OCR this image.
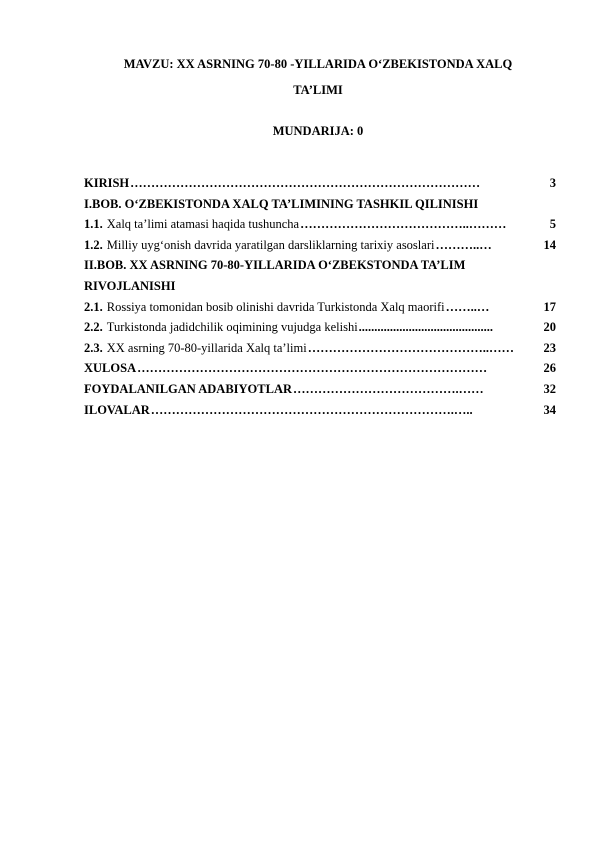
MAVZU: XX ASRNING 70-80 -YILLARIDA O‘ZBEKISTONDA XALQ
TA’LIMI
MUNDARIJA: 0
KIRISH …………………………………………………………………………	3
I.BOB. O‘ZBEKISTONDA XALQ TA’LIMINING TASHKIL QILINISHI
1.1. Xalq ta’limi atamasi haqida tushuncha …………………………………..………	5
1.2. Milliy uyg‘onish davrida yaratilgan darsliklarning tarixiy asoslari ………..…	14
II.BOB. XX ASRNING 70-80-YILLARIDA O‘ZBEKSTONDA TA’LIM
RIVOJLANISHI
2.1. Rossiya tomonidan bosib olinishi davrida Turkistonda Xalq maorifi ……..…	17
2.2. Turkistonda jadidchilik oqimining vujudga kelishi ...........................................	20
2.3. XX asrning 70-80-yillarida Xalq ta’limi ……………………………………..……	23
XULOSA …………………………………………………………………………	26
FOYDALANILGAN ADABIYOTLAR ………………………………….……	32
ILOVALAR ……………………………………………………………….…..	34
